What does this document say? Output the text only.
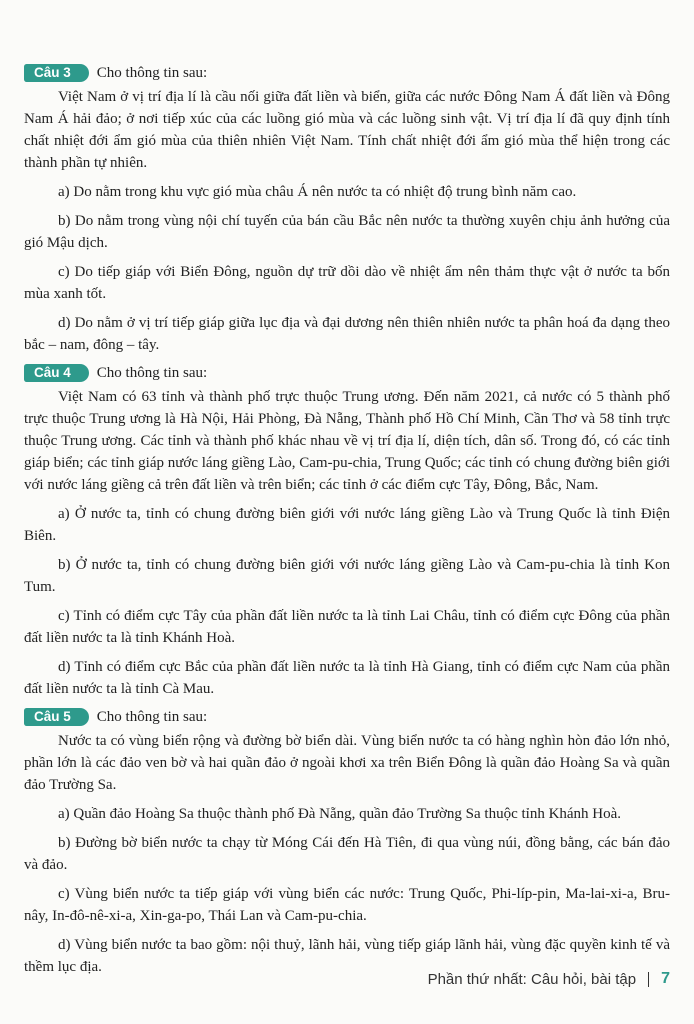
Câu 3	Cho thông tin sau:

Việt Nam ở vị trí địa lí là cầu nối giữa đất liền và biển, giữa các nước Đông Nam Á đất liền và Đông Nam Á hải đảo; ở nơi tiếp xúc của các luồng gió mùa và các luồng sinh vật. Vị trí địa lí đã quy định tính chất nhiệt đới ẩm gió mùa của thiên nhiên Việt Nam. Tính chất nhiệt đới ẩm gió mùa thể hiện trong các thành phần tự nhiên.

a) Do nằm trong khu vực gió mùa châu Á nên nước ta có nhiệt độ trung bình năm cao.

b) Do nằm trong vùng nội chí tuyến của bán cầu Bắc nên nước ta thường xuyên chịu ảnh hưởng của gió Mậu dịch.

c) Do tiếp giáp với Biển Đông, nguồn dự trữ dồi dào về nhiệt ẩm nên thảm thực vật ở nước ta bốn mùa xanh tốt.

d) Do nằm ở vị trí tiếp giáp giữa lục địa và đại dương nên thiên nhiên nước ta phân hoá đa dạng theo bắc – nam, đông – tây.

Câu 4	Cho thông tin sau:

Việt Nam có 63 tỉnh và thành phố trực thuộc Trung ương. Đến năm 2021, cả nước có 5 thành phố trực thuộc Trung ương là Hà Nội, Hải Phòng, Đà Nẵng, Thành phố Hồ Chí Minh, Cần Thơ và 58 tỉnh trực thuộc Trung ương. Các tỉnh và thành phố khác nhau về vị trí địa lí, diện tích, dân số. Trong đó, có các tỉnh giáp biển; các tỉnh giáp nước láng giềng Lào, Cam-pu-chia, Trung Quốc; các tỉnh có chung đường biên giới với nước láng giềng cả trên đất liền và trên biển; các tỉnh ở các điểm cực Tây, Đông, Bắc, Nam.

a) Ở nước ta, tỉnh có chung đường biên giới với nước láng giềng Lào và Trung Quốc là tỉnh Điện Biên.

b) Ở nước ta, tỉnh có chung đường biên giới với nước láng giềng Lào và Cam-pu-chia là tỉnh Kon Tum.

c) Tỉnh có điểm cực Tây của phần đất liền nước ta là tỉnh Lai Châu, tỉnh có điểm cực Đông của phần đất liền nước ta là tỉnh Khánh Hoà.

d) Tỉnh có điểm cực Bắc của phần đất liền nước ta là tỉnh Hà Giang, tỉnh có điểm cực Nam của phần đất liền nước ta là tỉnh Cà Mau.

Câu 5	Cho thông tin sau:

Nước ta có vùng biển rộng và đường bờ biển dài. Vùng biển nước ta có hàng nghìn hòn đảo lớn nhỏ, phần lớn là các đảo ven bờ và hai quần đảo ở ngoài khơi xa trên Biển Đông là quần đảo Hoàng Sa và quần đảo Trường Sa.

a) Quần đảo Hoàng Sa thuộc thành phố Đà Nẵng, quần đảo Trường Sa thuộc tỉnh Khánh Hoà.

b) Đường bờ biển nước ta chạy từ Móng Cái đến Hà Tiên, đi qua vùng núi, đồng bằng, các bán đảo và đảo.

c) Vùng biển nước ta tiếp giáp với vùng biển các nước: Trung Quốc, Phi-líp-pin, Ma-lai-xi-a, Bru-nây, In-đô-nê-xi-a, Xin-ga-po, Thái Lan và Cam-pu-chia.

d) Vùng biển nước ta bao gồm: nội thuỷ, lãnh hải, vùng tiếp giáp lãnh hải, vùng đặc quyền kinh tế và thềm lục địa.

Phần thứ nhất: Câu hỏi, bài tập 7
